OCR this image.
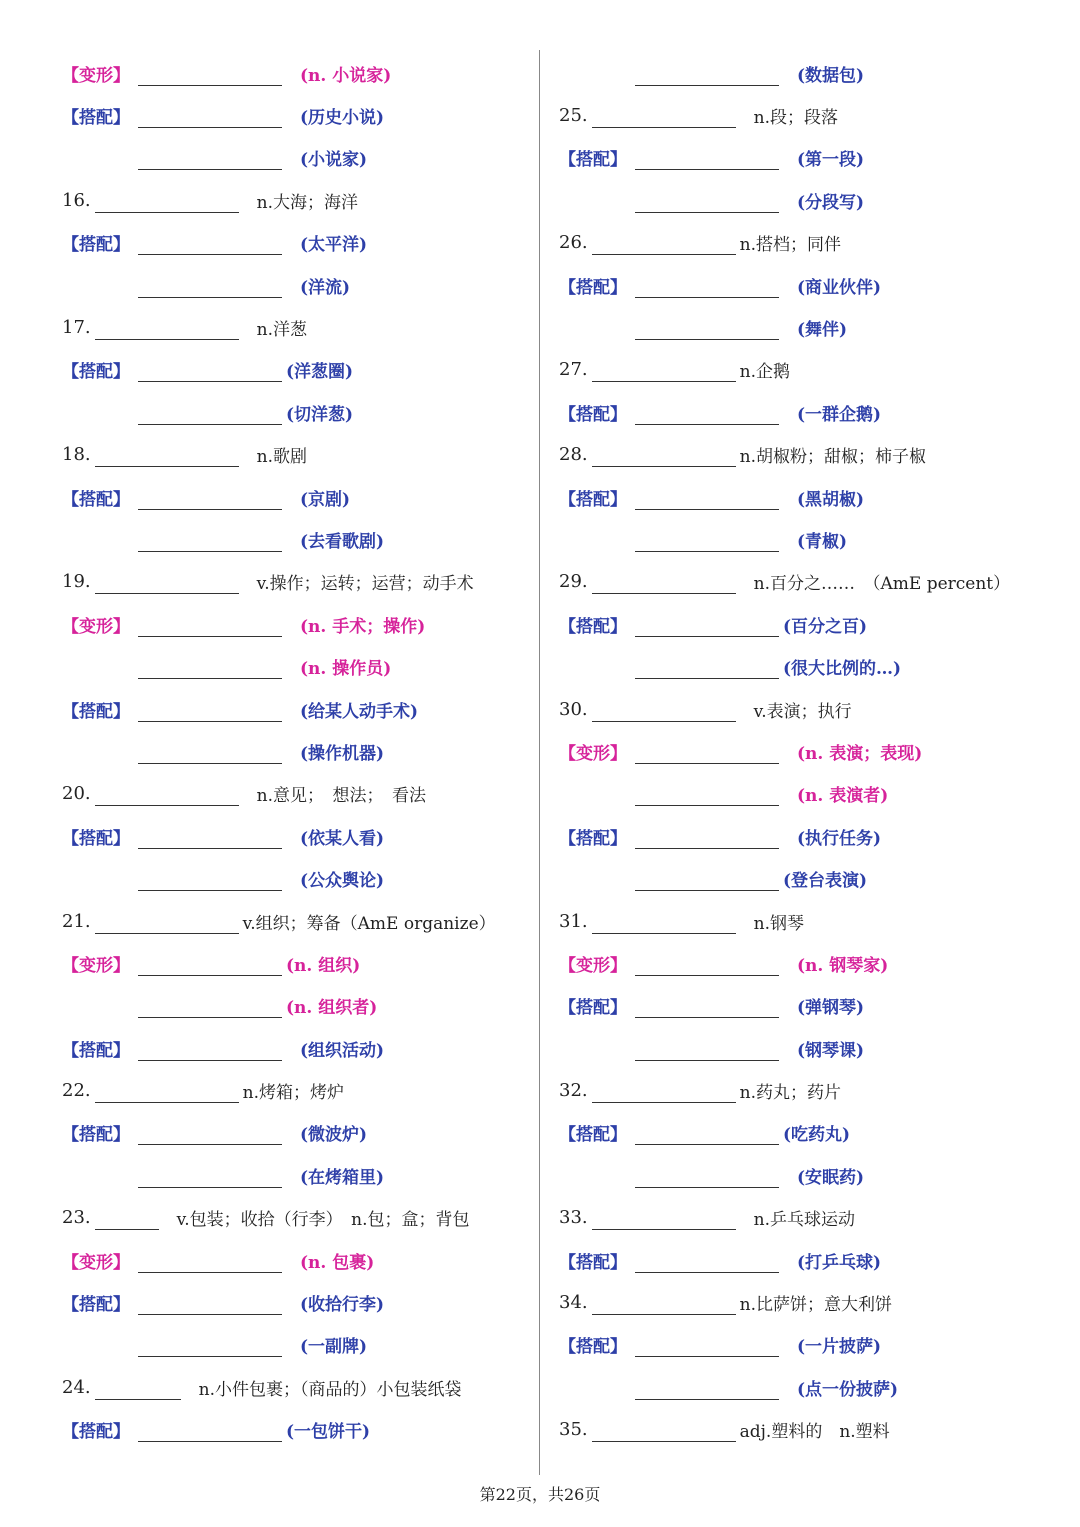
【变形】	(n. 小说家)
【搭配】	(历史小说)
(小说家)
16.	n.大海；海洋
【搭配】	(太平洋)
(洋流)
17.	n.洋葱
【搭配】	(洋葱圈)
(切洋葱)
18.	n.歌剧
【搭配】	(京剧)
(去看歌剧)
19.	v.操作；运转；运营；动手术
【变形】	(n. 手术；操作)
(n. 操作员)
【搭配】	(给某人动手术)
(操作机器)
20.	n.意见；　想法；　看法
【搭配】	(依某人看)
(公众舆论)
21.	v.组织；筹备（AmE organize）
【变形】	(n. 组织)
(n. 组织者)
【搭配】	(组织活动)
22.	n.烤箱；烤炉
【搭配】	(微波炉)
(在烤箱里)
23.	v.包装；收拾（行李）　n.包；盒；背包
【变形】	(n. 包裹)
【搭配】	(收拾行李)
(一副牌)
24.	n.小件包裹；（商品的）小包装纸袋
【搭配】	(一包饼干)
(数据包)
25.	n.段；段落
【搭配】	(第一段)
(分段写)
26.	n.搭档；同伴
【搭配】	(商业伙伴)
(舞伴)
27.	n.企鹅
【搭配】	(一群企鹅)
28.	n.胡椒粉；甜椒；柿子椒
【搭配】	(黑胡椒)
(青椒)
29.	n.百分之……　（AmE percent）
【搭配】	(百分之百)
(很大比例的…)
30.	v.表演；执行
【变形】	(n. 表演；表现)
(n. 表演者)
【搭配】	(执行任务)
(登台表演)
31.	n.钢琴
【变形】	(n. 钢琴家)
【搭配】	(弹钢琴)
(钢琴课)
32.	n.药丸；药片
【搭配】	(吃药丸)
(安眠药)
33.	n.乒乓球运动
【搭配】	(打乒乓球)
34.	n.比萨饼；意大利饼
【搭配】	(一片披萨)
(点一份披萨)
35.	adj.塑料的　n.塑料
第22页，共26页
